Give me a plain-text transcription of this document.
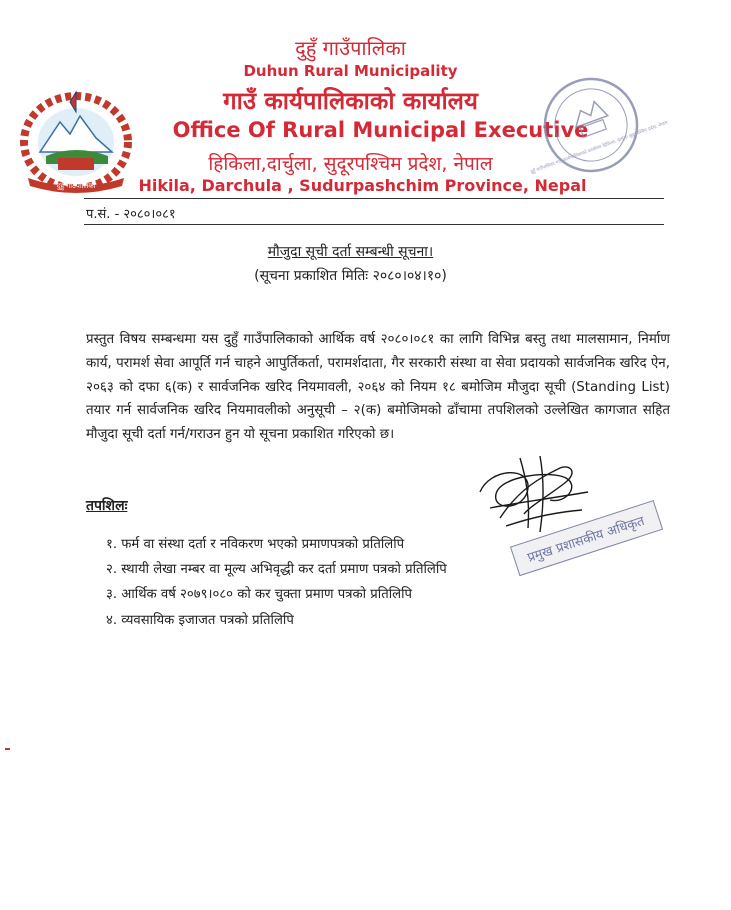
दुहुँ गाउँपालिका
दुहुँ गाउँपालिका
Duhun Rural Municipality
गाउँ कार्यपालिकाको कार्यालय
Office Of Rural Municipal Executive
हिकिला,दार्चुला, सुदूरपश्चिम प्रदेश, नेपाल
Hikila, Darchula , Sudurpashchim Province, Nepal
दुहुँ गाउँपालिका गाउँ कार्यपालिकाको कार्यालय हिकिला, दार्चुला सुदूरपश्चिम प्रदेश, नेपाल
प.सं. - २०८०।०८१
मौजुदा सूची दर्ता सम्बन्धी सूचना।
(सूचना प्रकाशित मितिः २०८०।०४।१०)
प्रस्तुत विषय सम्बन्धमा यस दुहुँ गाउँपालिकाको आर्थिक वर्ष २०८०।०८१ का लागि विभिन्न बस्तु तथा मालसामान, निर्माण कार्य, परामर्श सेवा आपूर्ति गर्न चाहने आपुर्तिकर्ता, परामर्शदाता, गैर सरकारी संस्था वा सेवा प्रदायको सार्वजनिक खरिद ऐन, २०६३ को दफा ६(क) र सार्वजनिक खरिद नियमावली, २०६४ को नियम १८ बमोजिम मौजुदा सूची (Standing List) तयार गर्न सार्वजनिक खरिद नियमावलीको अनुसूची – २(क) बमोजिमको ढाँचामा तपशिलको उल्लेखित कागजात सहित मौजुदा सूची दर्ता गर्न/गराउन हुन यो सूचना प्रकाशित गरिएको छ।
तपशिलः
१. फर्म वा संस्था दर्ता र नविकरण भएको प्रमाणपत्रको प्रतिलिपि
२. स्थायी लेखा नम्बर वा मूल्य अभिवृद्धी कर दर्ता प्रमाण पत्रको प्रतिलिपि
३. आर्थिक वर्ष २०७९।०८० को कर चुक्ता प्रमाण पत्रको प्रतिलिपि
४. व्यवसायिक इजाजत पत्रको प्रतिलिपि
प्रमुख प्रशासकीय अधिकृत
